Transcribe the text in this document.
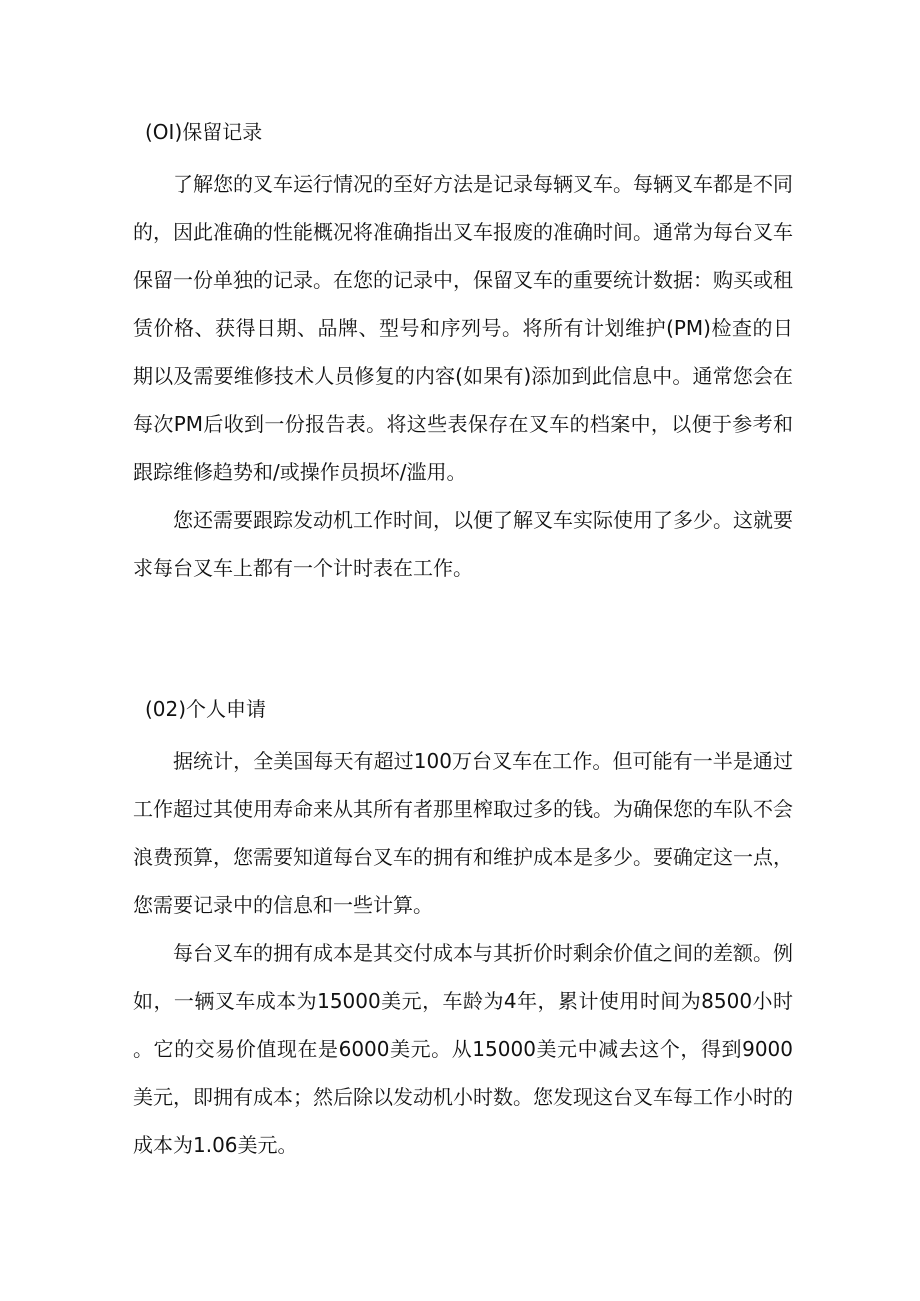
(OI)保留记录

了解您的叉车运行情况的至好方法是记录每辆叉车。每辆叉车都是不同的，因此准确的性能概况将准确指出叉车报废的准确时间。通常为每台叉车保留一份单独的记录。在您的记录中，保留叉车的重要统计数据：购买或租赁价格、获得日期、品牌、型号和序列号。将所有计划维护(PM)检查的日期以及需要维修技术人员修复的内容(如果有)添加到此信息中。通常您会在每次PM后收到一份报告表。将这些表保存在叉车的档案中，以便于参考和跟踪维修趋势和/或操作员损坏/滥用。

您还需要跟踪发动机工作时间，以便了解叉车实际使用了多少。这就要求每台叉车上都有一个计时表在工作。

(02)个人申请

据统计，全美国每天有超过100万台叉车在工作。但可能有一半是通过工作超过其使用寿命来从其所有者那里榨取过多的钱。为确保您的车队不会浪费预算，您需要知道每台叉车的拥有和维护成本是多少。要确定这一点，您需要记录中的信息和一些计算。

每台叉车的拥有成本是其交付成本与其折价时剩余价值之间的差额。例如，一辆叉车成本为15000美元，车龄为4年，累计使用时间为8500小时。它的交易价值现在是6000美元。从15000美元中减去这个，得到9000美元，即拥有成本；然后除以发动机小时数。您发现这台叉车每工作小时的成本为1.06美元。
